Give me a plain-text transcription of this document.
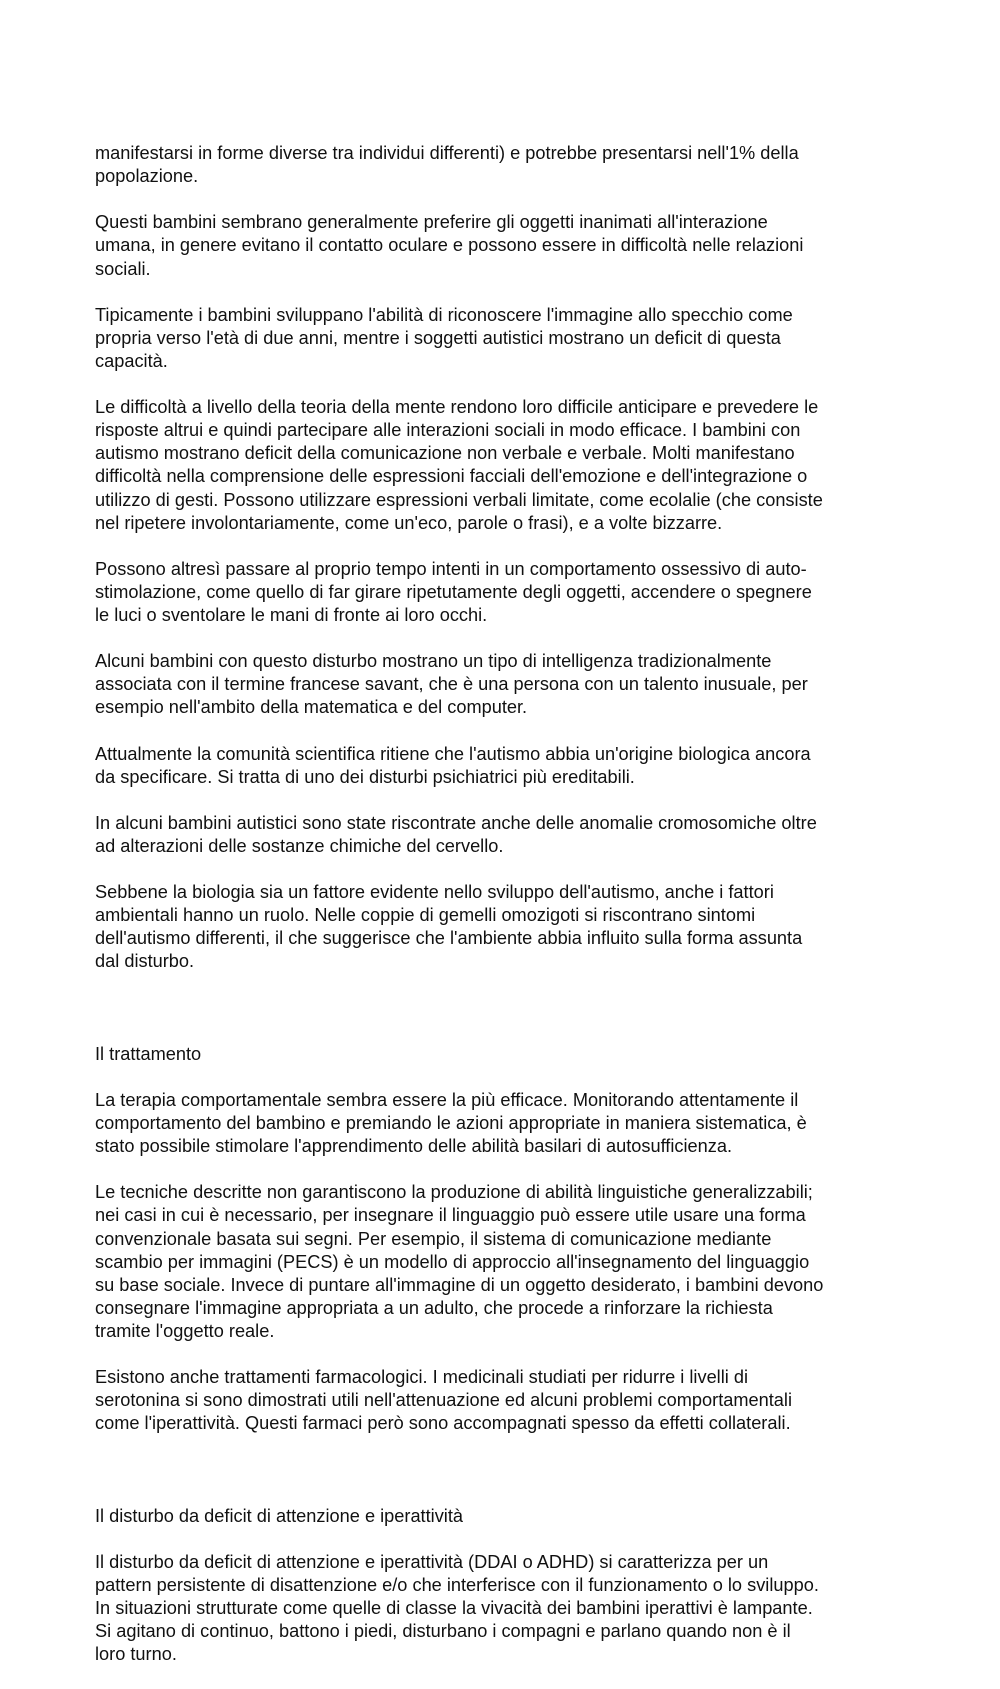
manifestarsi in forme diverse tra individui differenti) e potrebbe presentarsi nell'1% della
popolazione.

Questi bambini sembrano generalmente preferire gli oggetti inanimati all'interazione
umana, in genere evitano il contatto oculare e possono essere in difficoltà nelle relazioni
sociali.

Tipicamente i bambini sviluppano l'abilità di riconoscere l'immagine allo specchio come
propria verso l'età di due anni, mentre i soggetti autistici mostrano un deficit di questa
capacità.

Le difficoltà a livello della teoria della mente rendono loro difficile anticipare e prevedere le
risposte altrui e quindi partecipare alle interazioni sociali in modo efficace. I bambini con
autismo mostrano deficit della comunicazione non verbale e verbale. Molti manifestano
difficoltà nella comprensione delle espressioni facciali dell'emozione e dell'integrazione o
utilizzo di gesti. Possono utilizzare espressioni verbali limitate, come ecolalie (che consiste
nel ripetere involontariamente, come un'eco, parole o frasi), e a volte bizzarre.

Possono altresì passare al proprio tempo intenti in un comportamento ossessivo di auto-
stimolazione, come quello di far girare ripetutamente degli oggetti, accendere o spegnere
le luci o sventolare le mani di fronte ai loro occhi.

Alcuni bambini con questo disturbo mostrano un tipo di intelligenza tradizionalmente
associata con il termine francese savant, che è una persona con un talento inusuale, per
esempio nell'ambito della matematica e del computer.

Attualmente la comunità scientifica ritiene che l'autismo abbia un'origine biologica ancora
da specificare. Si tratta di uno dei disturbi psichiatrici più ereditabili.

In alcuni bambini autistici sono state riscontrate anche delle anomalie cromosomiche oltre
ad alterazioni delle sostanze chimiche del cervello.

Sebbene la biologia sia un fattore evidente nello sviluppo dell'autismo, anche i fattori
ambientali hanno un ruolo. Nelle coppie di gemelli omozigoti si riscontrano sintomi
dell'autismo differenti, il che suggerisce che l'ambiente abbia influito sulla forma assunta
dal disturbo.

Il trattamento

La terapia comportamentale sembra essere la più efficace. Monitorando attentamente il
comportamento del bambino e premiando le azioni appropriate in maniera sistematica, è
stato possibile stimolare l'apprendimento delle abilità basilari di autosufficienza.

Le tecniche descritte non garantiscono la produzione di abilità linguistiche generalizzabili;
nei casi in cui è necessario, per insegnare il linguaggio può essere utile usare una forma
convenzionale basata sui segni. Per esempio, il sistema di comunicazione mediante
scambio per immagini (PECS) è un modello di approccio all'insegnamento del linguaggio
su base sociale. Invece di puntare all'immagine di un oggetto desiderato, i bambini devono
consegnare l'immagine appropriata a un adulto, che procede a rinforzare la richiesta
tramite l'oggetto reale.

Esistono anche trattamenti farmacologici. I medicinali studiati per ridurre i livelli di
serotonina si sono dimostrati utili nell'attenuazione ed alcuni problemi comportamentali
come l'iperattività. Questi farmaci però sono accompagnati spesso da effetti collaterali.

Il disturbo da deficit di attenzione e iperattività

Il disturbo da deficit di attenzione e iperattività (DDAI o ADHD) si caratterizza per un
pattern persistente di disattenzione e/o che interferisce con il funzionamento o lo sviluppo.
In situazioni strutturate come quelle di classe la vivacità dei bambini iperattivi è lampante.
Si agitano di continuo, battono i piedi, disturbano i compagni e parlano quando non è il
loro turno.
